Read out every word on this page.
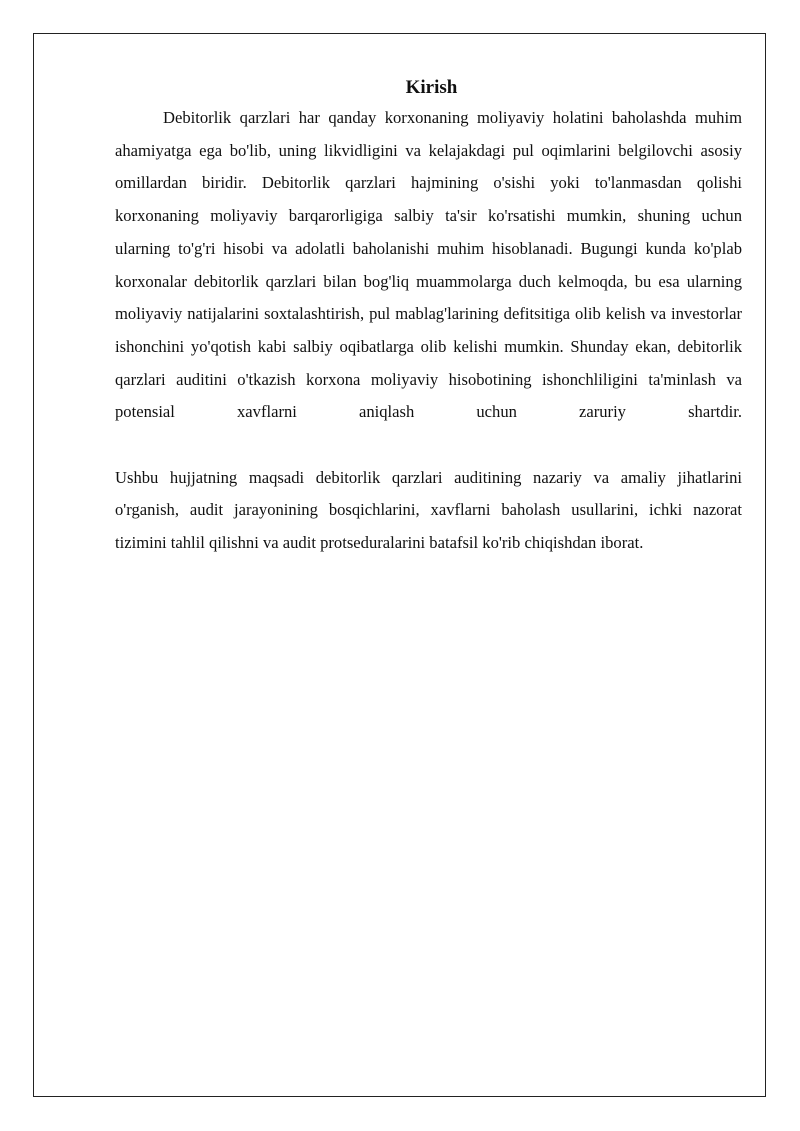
Kirish

Debitorlik qarzlari har qanday korxonaning moliyaviy holatini baholashda muhim ahamiyatga ega bo'lib, uning likvidligini va kelajakdagi pul oqimlarini belgilovchi asosiy omillardan biridir. Debitorlik qarzlari hajmining o'sishi yoki to'lanmasdan qolishi korxonaning moliyaviy barqarorligiga salbiy ta'sir ko'rsatishi mumkin, shuning uchun ularning to'g'ri hisobi va adolatli baholanishi muhim hisoblanadi. Bugungi kunda ko'plab korxonalar debitorlik qarzlari bilan bog'liq muammolarga duch kelmoqda, bu esa ularning moliyaviy natijalarini soxtalashtirish, pul mablag'larining defitsitiga olib kelish va investorlar ishonchini yo'qotish kabi salbiy oqibatlarga olib kelishi mumkin. Shunday ekan, debitorlik qarzlari auditini o'tkazish korxona moliyaviy hisobotining ishonchliligini ta'minlash va potensial xavflarni aniqlash uchun zaruriy shartdir.

Ushbu hujjatning maqsadi debitorlik qarzlari auditining nazariy va amaliy jihatlarini o'rganish, audit jarayonining bosqichlarini, xavflarni baholash usullarini, ichki nazorat tizimini tahlil qilishni va audit protseduralarini batafsil ko'rib chiqishdan iborat.
